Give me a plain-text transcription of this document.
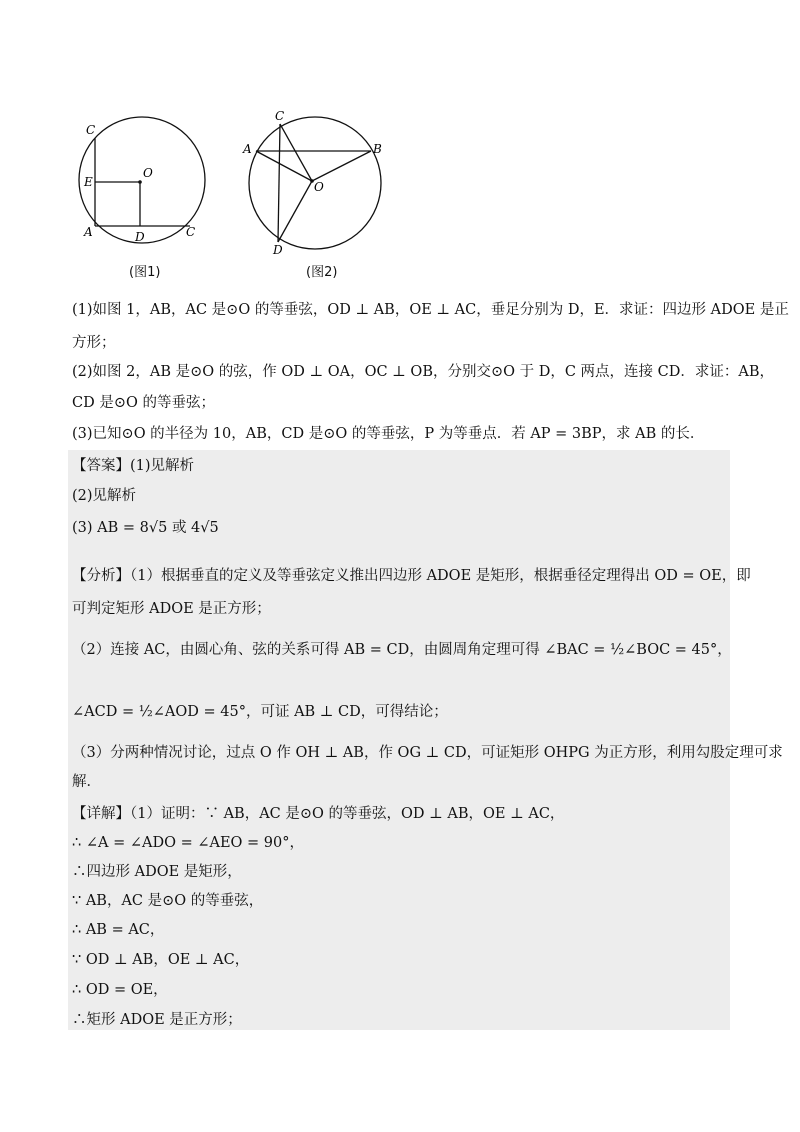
C
E
O
A	D	C
(图1)
C
A	B
O
D
(图2)
(1)如图 1，AB，AC 是⊙O 的等垂弦，OD ⊥ AB，OE ⊥ AC，垂足分别为 D，E．求证：四边形 ADOE 是正
方形；
(2)如图 2，AB 是⊙O 的弦，作 OD ⊥ OA，OC ⊥ OB，分别交⊙O 于 D，C 两点，连接 CD．求证：AB，
CD 是⊙O 的等垂弦；
(3)已知⊙O 的半径为 10，AB，CD 是⊙O 的等垂弦，P 为等垂点．若 AP = 3BP，求 AB 的长．
【答案】(1)见解析
(2)见解析
(3) AB = 8√5 或 4√5
【分析】（1）根据垂直的定义及等垂弦定义推出四边形 ADOE 是矩形，根据垂径定理得出 OD = OE，即
可判定矩形 ADOE 是正方形；
（2）连接 AC，由圆心角、弦的关系可得 AB = CD，由圆周角定理可得 ∠BAC = ½∠BOC = 45°，
∠ACD = ½∠AOD = 45°，可证 AB ⊥ CD，可得结论；
（3）分两种情况讨论，过点 O 作 OH ⊥ AB，作 OG ⊥ CD，可证矩形 OHPG 为正方形，利用勾股定理可求
解．
【详解】（1）证明：∵ AB，AC 是⊙O 的等垂弦，OD ⊥ AB，OE ⊥ AC，
∴ ∠A = ∠ADO = ∠AEO = 90°，
∴四边形 ADOE 是矩形，
∵ AB，AC 是⊙O 的等垂弦，
∴ AB = AC，
∵ OD ⊥ AB，OE ⊥ AC，
∴ OD = OE，
∴矩形 ADOE 是正方形；
